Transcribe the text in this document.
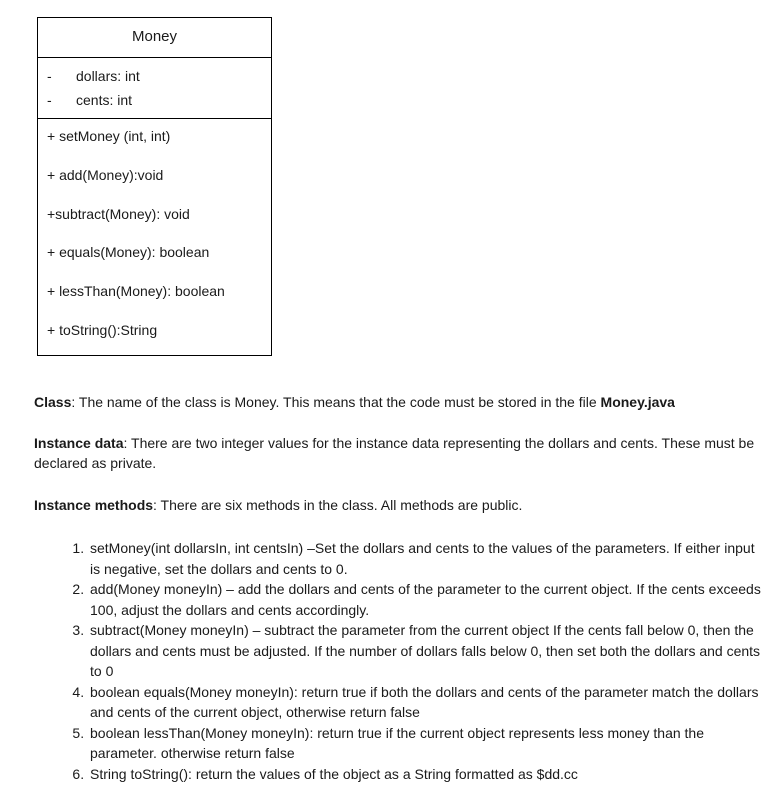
Money
- dollars: int
- cents: int
+ setMoney (int, int)
+ add(Money):void
+subtract(Money): void
+ equals(Money): boolean
+ lessThan(Money): boolean
+ toString():String
Class: The name of the class is Money. This means that the code must be stored in the file Money.java
Instance data: There are two integer values for the instance data representing the dollars and cents. These must be declared as private.
Instance methods: There are six methods in the class. All methods are public.
1. setMoney(int dollarsIn, int centsIn) –Set the dollars and cents to the values of the parameters. If either input is negative, set the dollars and cents to 0.
2. add(Money moneyIn) – add the dollars and cents of the parameter to the current object. If the cents exceeds 100, adjust the dollars and cents accordingly.
3. subtract(Money moneyIn) – subtract the parameter from the current object If the cents fall below 0, then the dollars and cents must be adjusted. If the number of dollars falls below 0, then set both the dollars and cents to 0
4. boolean equals(Money moneyIn): return true if both the dollars and cents of the parameter match the dollars and cents of the current object, otherwise return false
5. boolean lessThan(Money moneyIn): return true if the current object represents less money than the parameter. otherwise return false
6. String toString(): return the values of the object as a String formatted as $dd.cc
